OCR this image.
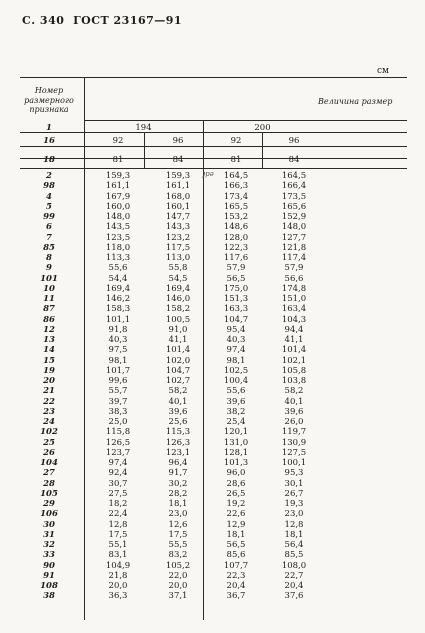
С. 340 ГОСТ 23167—91
см
Номер размерного признака
Величина размер
1	194	200
16	92	96	92	96
18	81	84	81	84
ɟpǝ
2	159,3	159,3	164,5	164,5
98	161,1	161,1	166,3	166,4
4	167,9	168,0	173,4	173,5
5	160,0	160,1	165,5	165,6
99	148,0	147,7	153,2	152,9
6	143,5	143,3	148,6	148,0
7	123,5	123,2	128,0	127,7
85	118,0	117,5	122,3	121,8
8	113,3	113,0	117,6	117,4
9	55,6	55,8	57,9	57,9
101	54,4	54,5	56,5	56,6
10	169,4	169,4	175,0	174,8
11	146,2	146,0	151,3	151,0
87	158,3	158,2	163,3	163,4
86	101,1	100,5	104,7	104,3
12	91,8	91,0	95,4	94,4
13	40,3	41,1	40,3	41,1
14	97,5	101,4	97,4	101,4
15	98,1	102,0	98,1	102,1
19	101,7	104,7	102,5	105,8
20	99,6	102,7	100,4	103,8
21	55,7	58,2	55,6	58,2
22	39,7	40,1	39,6	40,1
23	38,3	39,6	38,2	39,6
24	25,0	25,6	25,4	26,0
102	115,8	115,3	120,1	119,7
25	126,5	126,3	131,0	130,9
26	123,7	123,1	128,1	127,5
104	97,4	96,4	101,3	100,1
27	92,4	91,7	96,0	95,3
28	30,7	30,2	28,6	30,1
105	27,5	28,2	26,5	26,7
29	18,2	18,1	19,2	19,3
106	22,4	23,0	22,6	23,0
30	12,8	12,6	12,9	12,8
31	17,5	17,5	18,1	18,1
32	55,1	55,5	56,5	56,4
33	83,1	83,2	85,6	85,5
90	104,9	105,2	107,7	108,0
91	21,8	22,0	22,3	22,7
108	20,0	20,0	20,4	20,4
38	36,3	37,1	36,7	37,6
